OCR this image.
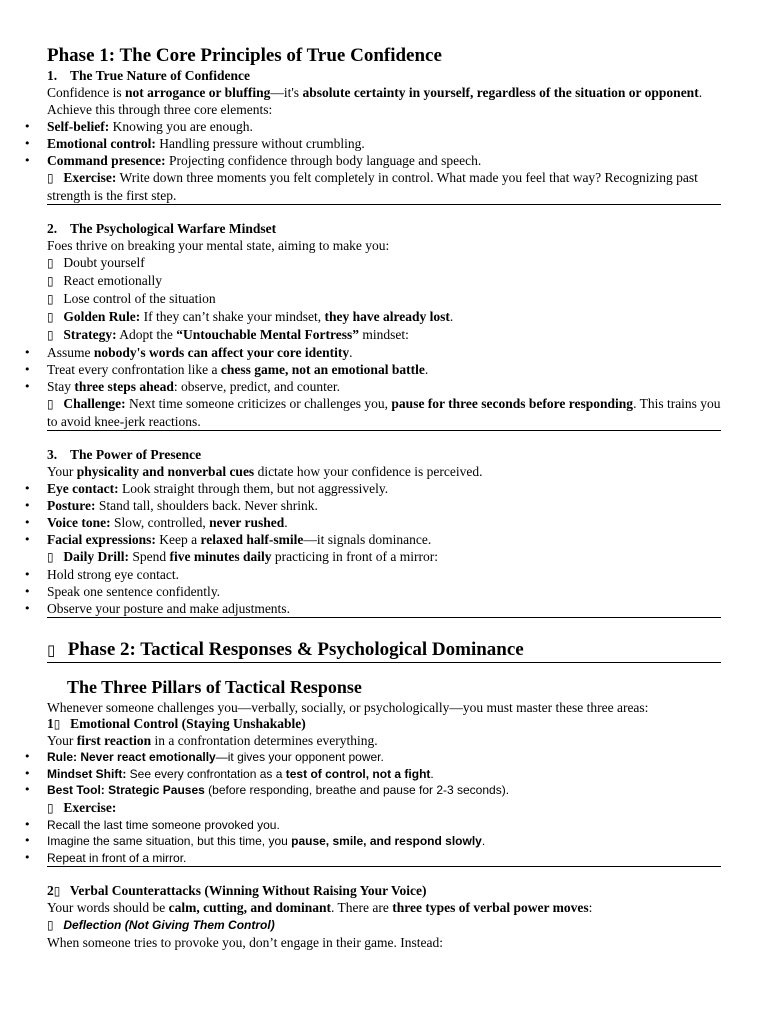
Phase 1: The Core Principles of True Confidence
1. The True Nature of Confidence

Confidence is not arrogance or bluffing—it's absolute certainty in yourself, regardless of the situation or opponent.

Achieve this through three core elements:

• Self-belief: Knowing you are enough.
• Emotional control: Handling pressure without crumbling.
• Command presence: Projecting confidence through body language and speech.

▯ Exercise: Write down three moments you felt completely in control. What made you feel that way? Recognizing past strength is the first step.

2. The Psychological Warfare Mindset

Foes thrive on breaking your mental state, aiming to make you:

▯ Doubt yourself

▯ React emotionally

▯ Lose control of the situation

▯ Golden Rule: If they can’t shake your mindset, they have already lost.

▯ Strategy: Adopt the “Untouchable Mental Fortress” mindset:

• Assume nobody's words can affect your core identity.
• Treat every confrontation like a chess game, not an emotional battle.
• Stay three steps ahead: observe, predict, and counter.

▯ Challenge: Next time someone criticizes or challenges you, pause for three seconds before responding. This trains you to avoid knee-jerk reactions.

3. The Power of Presence

Your physicality and nonverbal cues dictate how your confidence is perceived.

• Eye contact: Look straight through them, but not aggressively.
• Posture: Stand tall, shoulders back. Never shrink.
• Voice tone: Slow, controlled, never rushed.
• Facial expressions: Keep a relaxed half-smile—it signals dominance.

▯ Daily Drill: Spend five minutes daily practicing in front of a mirror:

• Hold strong eye contact.
• Speak one sentence confidently.
• Observe your posture and make adjustments.
▯ Phase 2: Tactical Responses & Psychological Dominance
The Three Pillars of Tactical Response

Whenever someone challenges you—verbally, socially, or psychologically—you must master these three areas:

1▯ Emotional Control (Staying Unshakable)

Your first reaction in a confrontation determines everything.

• Rule: Never react emotionally—it gives your opponent power.
• Mindset Shift: See every confrontation as a test of control, not a fight.
• Best Tool: Strategic Pauses (before responding, breathe and pause for 2-3 seconds).

▯ Exercise:

• Recall the last time someone provoked you.
• Imagine the same situation, but this time, you pause, smile, and respond slowly.
• Repeat in front of a mirror.
2▯ Verbal Counterattacks (Winning Without Raising Your Voice)

Your words should be calm, cutting, and dominant. There are three types of verbal power moves:

▯ Deflection (Not Giving Them Control)

When someone tries to provoke you, don’t engage in their game. Instead:
